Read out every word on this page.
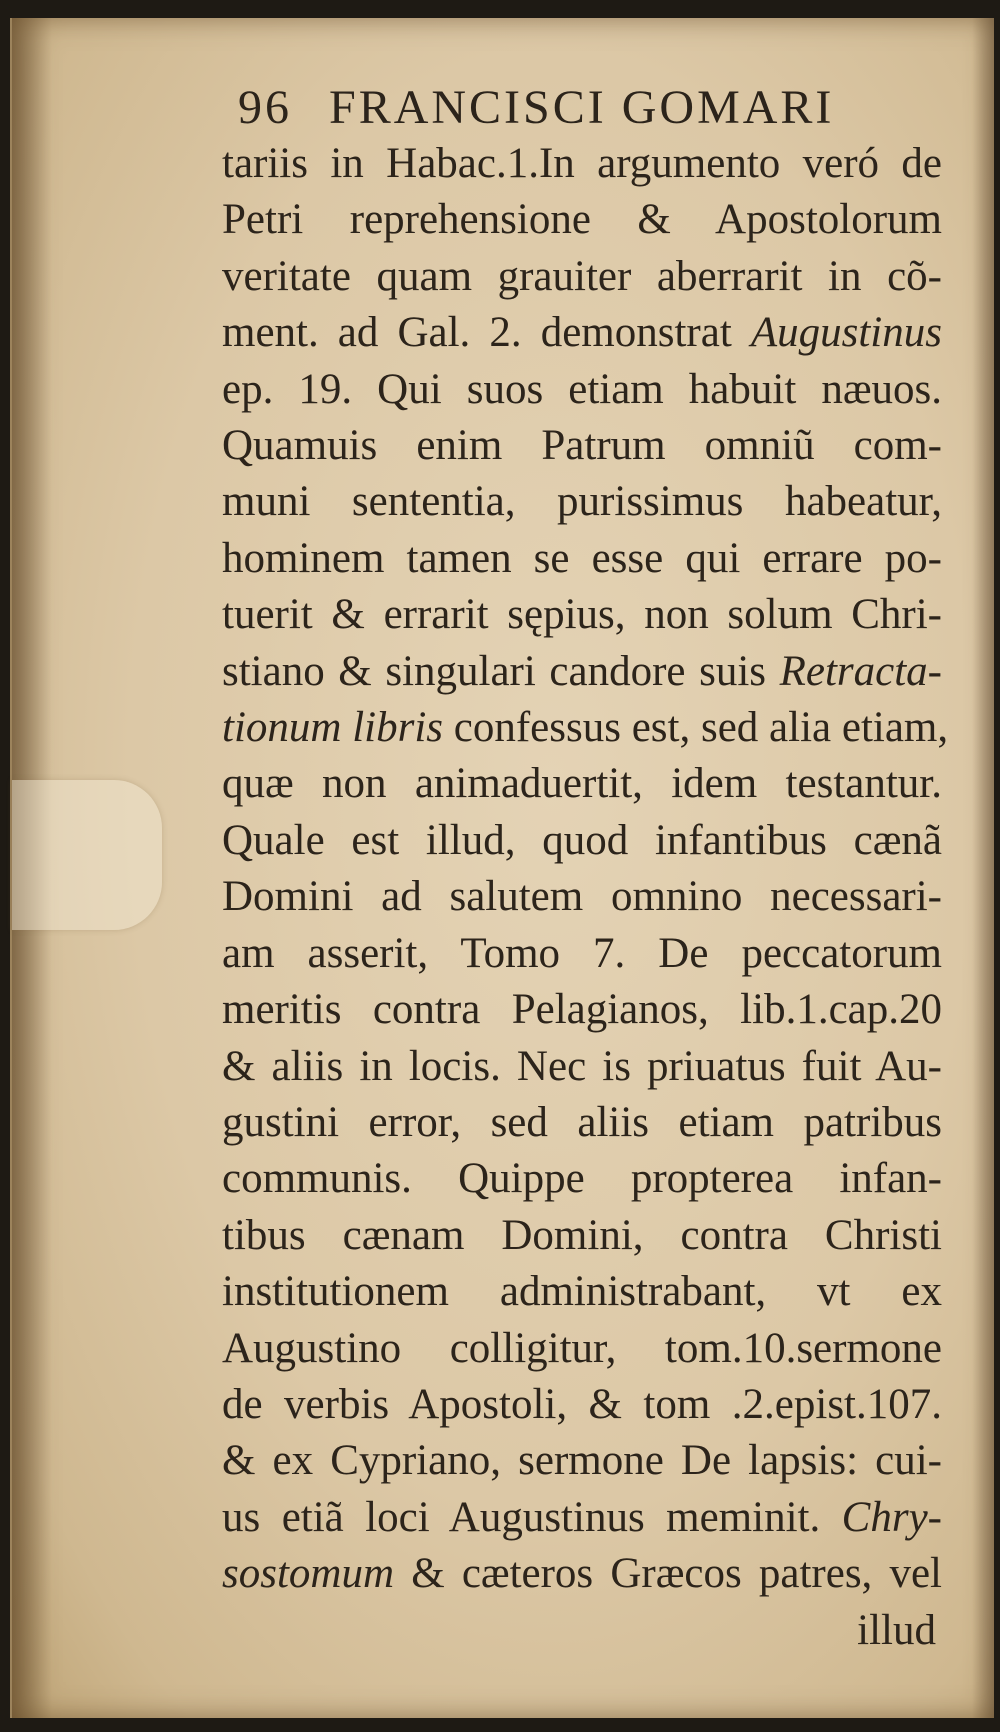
96 FRANCISCI GOMARI
tariis in Habac.1.In argumento veró de
Petri reprehensione & Apostolorum
veritate quam grauiter aberrarit in cõ-
ment. ad Gal. 2. demonstrat Augustinus
ep. 19. Qui suos etiam habuit næuos.
Quamuis enim Patrum omniũ com-
muni sententia, purissimus habeatur,
hominem tamen se esse qui errare po-
tuerit & errarit sępius, non solum Chri-
stiano & singulari candore suis Retracta-
tionum libris confessus est, sed alia etiam,
quæ non animaduertit, idem testantur.
Quale est illud, quod infantibus cænã
Domini ad salutem omnino necessari-
am asserit, Tomo 7. De peccatorum
meritis contra Pelagianos, lib.1.cap.20
& aliis in locis. Nec is priuatus fuit Au-
gustini error, sed aliis etiam patribus
communis. Quippe propterea infan-
tibus cænam Domini, contra Christi
institutionem administrabant, vt ex
Augustino colligitur, tom.10.sermone
de verbis Apostoli, & tom .2.epist.107.
& ex Cypriano, sermone De lapsis: cui-
us etiã loci Augustinus meminit. Chry-
sostomum & cæteros Græcos patres, vel
illud
